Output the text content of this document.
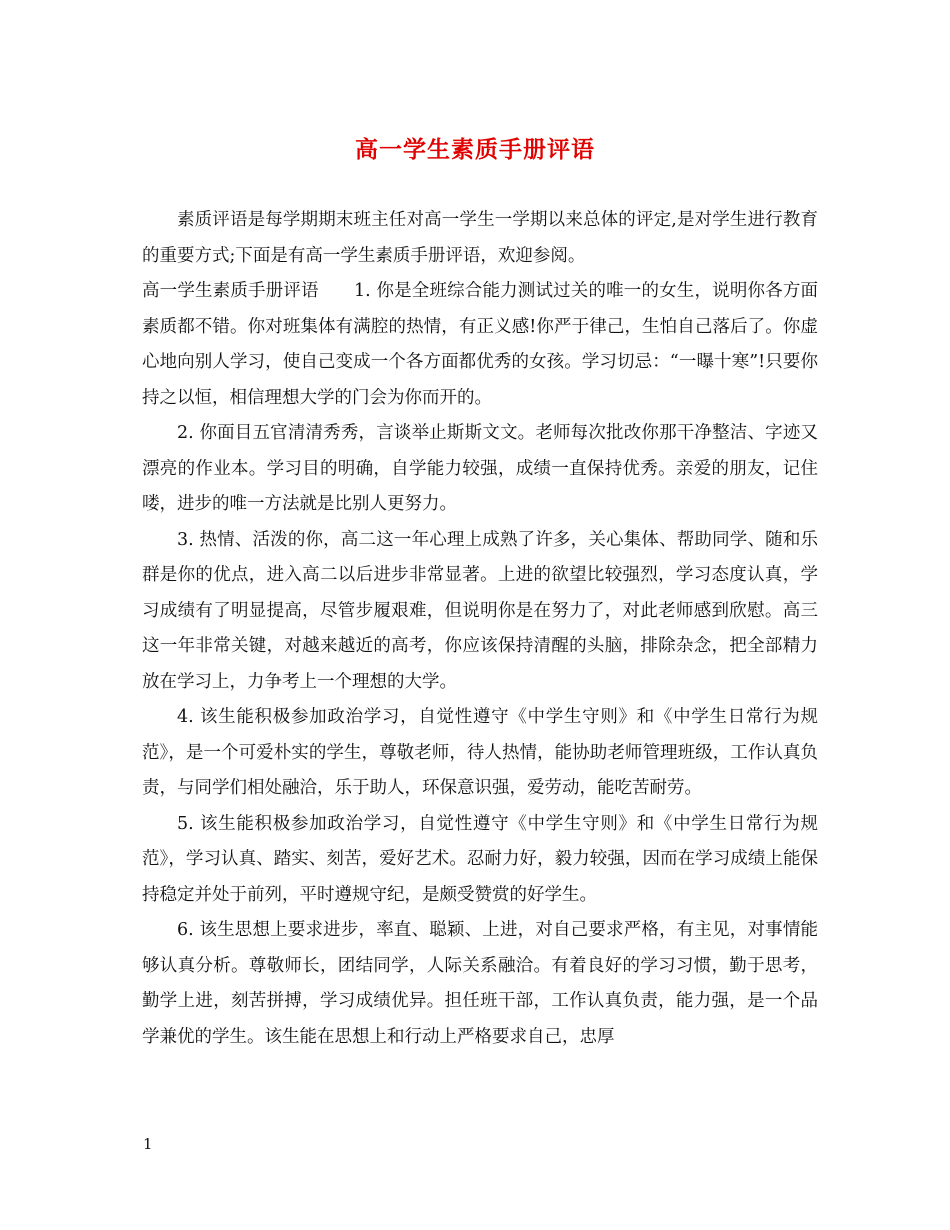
高一学生素质手册评语

素质评语是每学期期末班主任对高一学生一学期以来总体的评定,是对学生进行教育的重要方式;下面是有高一学生素质手册评语，欢迎参阅。

高一学生素质手册评语　　1. 你是全班综合能力测试过关的唯一的女生，说明你各方面素质都不错。你对班集体有满腔的热情，有正义感!你严于律己，生怕自己落后了。你虚心地向别人学习，使自己变成一个各方面都优秀的女孩。学习切忌：“一曝十寒”!只要你持之以恒，相信理想大学的门会为你而开的。

2. 你面目五官清清秀秀，言谈举止斯斯文文。老师每次批改你那干净整洁、字迹又漂亮的作业本。学习目的明确，自学能力较强，成绩一直保持优秀。亲爱的朋友，记住喽，进步的唯一方法就是比别人更努力。

3. 热情、活泼的你，高二这一年心理上成熟了许多，关心集体、帮助同学、随和乐群是你的优点，进入高二以后进步非常显著。上进的欲望比较强烈，学习态度认真，学习成绩有了明显提高，尽管步履艰难，但说明你是在努力了，对此老师感到欣慰。高三这一年非常关键，对越来越近的高考，你应该保持清醒的头脑，排除杂念，把全部精力放在学习上，力争考上一个理想的大学。

4. 该生能积极参加政治学习，自觉性遵守《中学生守则》和《中学生日常行为规范》，是一个可爱朴实的学生，尊敬老师，待人热情，能协助老师管理班级，工作认真负责，与同学们相处融洽，乐于助人，环保意识强，爱劳动，能吃苦耐劳。

5. 该生能积极参加政治学习，自觉性遵守《中学生守则》和《中学生日常行为规范》，学习认真、踏实、刻苦，爱好艺术。忍耐力好，毅力较强，因而在学习成绩上能保持稳定并处于前列，平时遵规守纪，是颇受赞赏的好学生。

6. 该生思想上要求进步，率直、聪颖、上进，对自己要求严格，有主见，对事情能够认真分析。尊敬师长，团结同学，人际关系融洽。有着良好的学习习惯，勤于思考，勤学上进，刻苦拼搏，学习成绩优异。担任班干部，工作认真负责，能力强，是一个品学兼优的学生。该生能在思想上和行动上严格要求自己，忠厚

1
